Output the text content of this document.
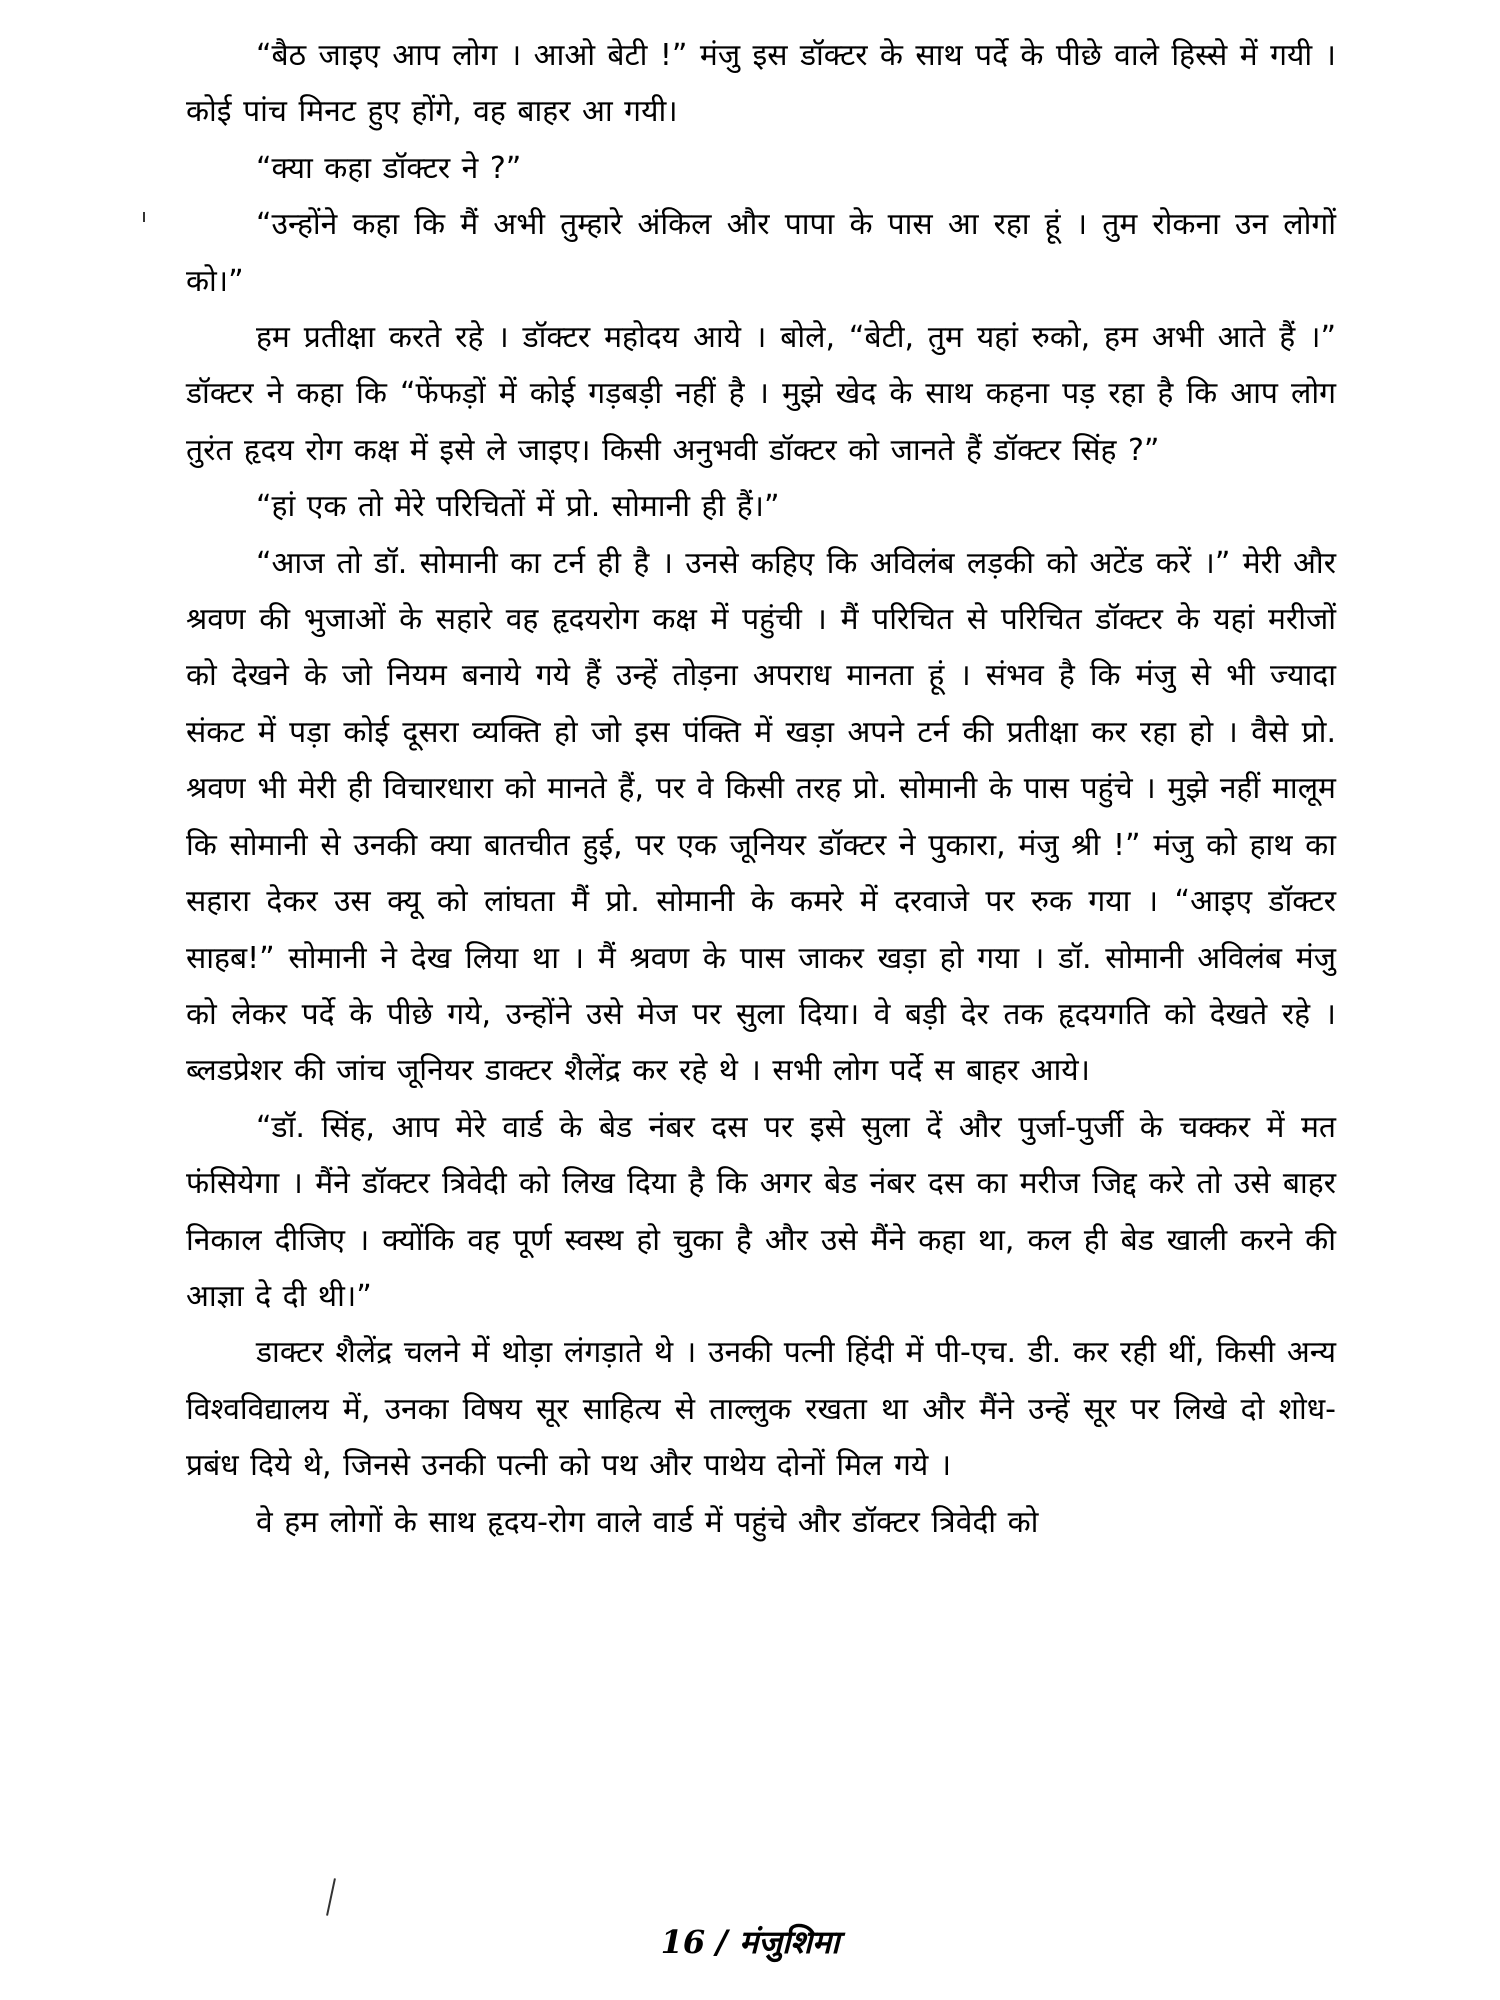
“बैठ जाइए आप लोग । आओ बेटी !” मंजु इस डॉक्टर के साथ पर्दे के पीछे वाले हिस्से में गयी । कोई पांच मिनट हुए होंगे, वह बाहर आ गयी।

“क्या कहा डॉक्टर ने ?”

“उन्होंने कहा कि मैं अभी तुम्हारे अंकिल और पापा के पास आ रहा हूं । तुम रोकना उन लोगों को।”

हम प्रतीक्षा करते रहे । डॉक्टर महोदय आये । बोले, “बेटी, तुम यहां रुको, हम अभी आते हैं ।” डॉक्टर ने कहा कि “फेंफड़ों में कोई गड़बड़ी नहीं है । मुझे खेद के साथ कहना पड़ रहा है कि आप लोग तुरंत हृदय रोग कक्ष में इसे ले जाइए। किसी अनुभवी डॉक्टर को जानते हैं डॉक्टर सिंह ?”

“हां एक तो मेरे परिचितों में प्रो. सोमानी ही हैं।”

“आज तो डॉ. सोमानी का टर्न ही है । उनसे कहिए कि अविलंब लड़की को अटेंड करें ।” मेरी और श्रवण की भुजाओं के सहारे वह हृदयरोग कक्ष में पहुंची । मैं परिचित से परिचित डॉक्टर के यहां मरीजों को देखने के जो नियम बनाये गये हैं उन्हें तोड़ना अपराध मानता हूं । संभव है कि मंजु से भी ज्यादा संकट में पड़ा कोई दूसरा व्यक्ति हो जो इस पंक्ति में खड़ा अपने टर्न की प्रतीक्षा कर रहा हो । वैसे प्रो. श्रवण भी मेरी ही विचारधारा को मानते हैं, पर वे किसी तरह प्रो. सोमानी के पास पहुंचे । मुझे नहीं मालूम कि सोमानी से उनकी क्या बातचीत हुई, पर एक जूनियर डॉक्टर ने पुकारा, मंजु श्री !” मंजु को हाथ का सहारा देकर उस क्यू को लांघता मैं प्रो. सोमानी के कमरे में दरवाजे पर रुक गया । “आइए डॉक्टर साहब!” सोमानी ने देख लिया था । मैं श्रवण के पास जाकर खड़ा हो गया । डॉ. सोमानी अविलंब मंजु को लेकर पर्दे के पीछे गये, उन्होंने उसे मेज पर सुला दिया। वे बड़ी देर तक हृदयगति को देखते रहे । ब्लडप्रेशर की जांच जूनियर डाक्टर शैलेंद्र कर रहे थे । सभी लोग पर्दे स बाहर आये।

“डॉ. सिंह, आप मेरे वार्ड के बेड नंबर दस पर इसे सुला दें और पुर्जा-पुर्जी के चक्कर में मत फंसियेगा । मैंने डॉक्टर त्रिवेदी को लिख दिया है कि अगर बेड नंबर दस का मरीज जिद्द करे तो उसे बाहर निकाल दीजिए । क्योंकि वह पूर्ण स्वस्थ हो चुका है और उसे मैंने कहा था, कल ही बेड खाली करने की आज्ञा दे दी थी।”

डाक्टर शैलेंद्र चलने में थोड़ा लंगड़ाते थे । उनकी पत्नी हिंदी में पी-एच. डी. कर रही थीं, किसी अन्य विश्वविद्यालय में, उनका विषय सूर साहित्य से ताल्लुक रखता था और मैंने उन्हें सूर पर लिखे दो शोध-प्रबंध दिये थे, जिनसे उनकी पत्नी को पथ और पाथेय दोनों मिल गये ।

वे हम लोगों के साथ हृदय-रोग वाले वार्ड में पहुंचे और डॉक्टर त्रिवेदी को

16 / मंजुशिमा
